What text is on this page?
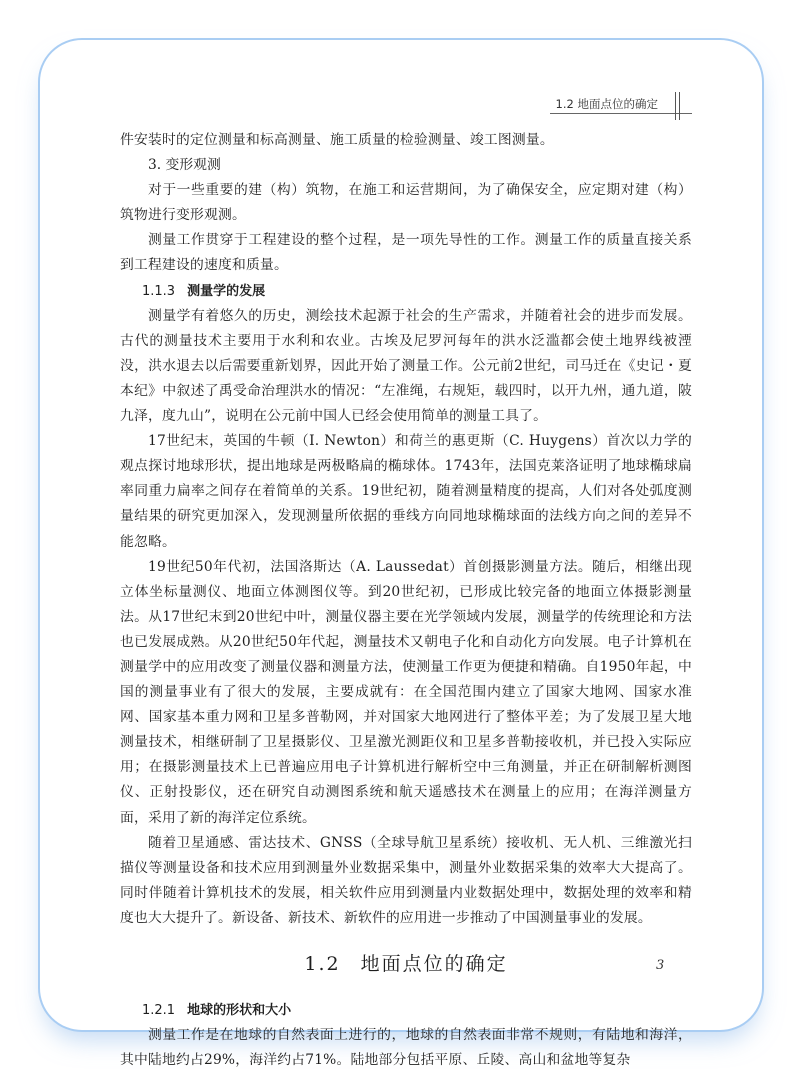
1.2 地面点位的确定

件安装时的定位测量和标高测量、施工质量的检验测量、竣工图测量。

3. 变形观测

对于一些重要的建（构）筑物，在施工和运营期间，为了确保安全，应定期对建（构）筑物进行变形观测。

测量工作贯穿于工程建设的整个过程，是一项先导性的工作。测量工作的质量直接关系到工程建设的速度和质量。

1.1.3 测量学的发展

测量学有着悠久的历史，测绘技术起源于社会的生产需求，并随着社会的进步而发展。古代的测量技术主要用于水利和农业。古埃及尼罗河每年的洪水泛滥都会使土地界线被湮没，洪水退去以后需要重新划界，因此开始了测量工作。公元前2世纪，司马迁在《史记・夏本纪》中叙述了禹受命治理洪水的情况：“左准绳，右规矩，载四时，以开九州，通九道，陂九泽，度九山”，说明在公元前中国人已经会使用简单的测量工具了。

17世纪末，英国的牛顿（I. Newton）和荷兰的惠更斯（C. Huygens）首次以力学的观点探讨地球形状，提出地球是两极略扁的椭球体。1743年，法国克莱洛证明了地球椭球扁率同重力扁率之间存在着简单的关系。19世纪初，随着测量精度的提高，人们对各处弧度测量结果的研究更加深入，发现测量所依据的垂线方向同地球椭球面的法线方向之间的差异不能忽略。

19世纪50年代初，法国洛斯达（A. Laussedat）首创摄影测量方法。随后，相继出现立体坐标量测仪、地面立体测图仪等。到20世纪初，已形成比较完备的地面立体摄影测量法。从17世纪末到20世纪中叶，测量仪器主要在光学领域内发展，测量学的传统理论和方法也已发展成熟。从20世纪50年代起，测量技术又朝电子化和自动化方向发展。电子计算机在测量学中的应用改变了测量仪器和测量方法，使测量工作更为便捷和精确。自1950年起，中国的测量事业有了很大的发展，主要成就有：在全国范围内建立了国家大地网、国家水准网、国家基本重力网和卫星多普勒网，并对国家大地网进行了整体平差；为了发展卫星大地测量技术，相继研制了卫星摄影仪、卫星激光测距仪和卫星多普勒接收机，并已投入实际应用；在摄影测量技术上已普遍应用电子计算机进行解析空中三角测量，并正在研制解析测图仪、正射投影仪，还在研究自动测图系统和航天遥感技术在测量上的应用；在海洋测量方面，采用了新的海洋定位系统。

随着卫星通感、雷达技术、GNSS（全球导航卫星系统）接收机、无人机、三维激光扫描仪等测量设备和技术应用到测量外业数据采集中，测量外业数据采集的效率大大提高了。同时伴随着计算机技术的发展，相关软件应用到测量内业数据处理中，数据处理的效率和精度也大大提升了。新设备、新技术、新软件的应用进一步推动了中国测量事业的发展。

1.2 地面点位的确定
1.2.1 地球的形状和大小

测量工作是在地球的自然表面上进行的，地球的自然表面非常不规则，有陆地和海洋，其中陆地约占29%，海洋约占71%。陆地部分包括平原、丘陵、高山和盆地等复杂

3
